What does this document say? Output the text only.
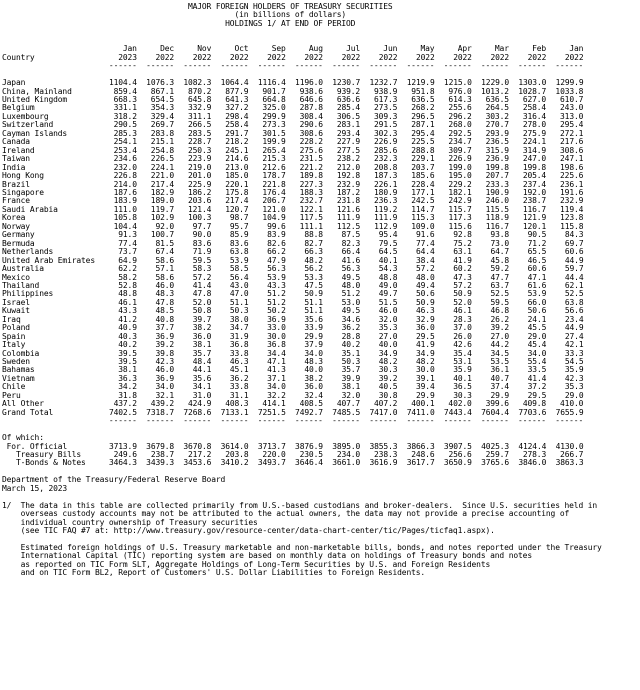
MAJOR FOREIGN HOLDERS OF TREASURY SECURITIES
(in billions of dollars)
HOLDINGS 1/ AT END OF PERIOD

Jan	Dec	Nov	Oct	Sep	Aug	Jul	Jun	May	Apr	Mar	Feb	Jan
Country	2023 2022 2022 2022 2022 2022 2022 2022 2022 2022 2022 2022 2022
------  ------  ------  ------  ------  ------  ------  ------  ------  ------  ------  ------  ------

Japan	1104.4 1076.3 1082.3 1064.4 1116.4 1196.0 1230.7 1232.7 1219.9 1215.0 1229.0 1303.0 1299.9
China, Mainland	859.4 867.1 870.2 877.9 901.7 938.6 939.2 938.9 951.8 976.0 1013.2 1028.7 1033.8
United Kingdom	668.3 654.5 645.8 641.3 664.8 646.6 636.6 617.3 636.5 614.3 636.5 627.0 610.7
Belgium	331.1 354.3 332.9 327.2 325.0 287.8 285.4 273.5 268.2 255.6 264.5 258.4 243.0
Luxembourg	318.2 329.4 311.1 298.4 299.9 308.4 306.5 309.3 296.5 296.2 303.2 316.4 313.0
Switzerland	290.5 269.7 266.5 258.4 273.3 290.6 283.1 291.5 287.1 268.0 270.7 278.0 295.4
Cayman Islands	285.3 283.8 283.5 291.7 301.5 308.6 293.4 302.3 295.4 292.5 293.9 275.9 272.1
Canada	254.1 215.1 228.7 218.2 199.9 228.2 227.9 226.9 225.5 234.7 236.5 224.1 217.6
Ireland	253.4 254.8 250.3 245.1 265.4 275.6 277.5 285.6 288.8 309.7 315.9 314.9 308.6
Taiwan	234.6 226.5 223.9 214.6 215.3 231.5 238.2 232.3 229.1 226.9 236.9 247.0 247.1
India	232.0 224.1 219.0 213.0 212.6 221.2 212.0 208.8 203.7 199.0 199.8 199.8 198.6
Hong Kong	226.8 221.0 201.0 185.0 178.7 189.8 192.8 187.3 185.6 195.0 207.7 205.4 225.6
Brazil	214.0 217.4 225.9 220.1 221.8 227.3 232.9 226.1 228.4 229.2 233.3 237.4 236.1
Singapore	187.6 182.9 186.2 175.8 176.4 188.3 187.2 180.9 177.1 182.1 190.9 192.0 191.6
France	183.9 189.0 203.6 217.4 206.7 232.7 231.8 236.3 242.5 242.9 246.0 238.7 232.9
Saudi Arabia	111.0 119.7 121.4 120.7 121.0 122.1 121.6 119.2 114.7 115.7 115.5 116.7 119.4
Korea	105.8 102.9 100.3 98.7 104.9 117.5 111.9 111.9 115.3 117.3 118.9 121.9 123.8
Norway	104.4 92.0 97.7 95.7 99.6 111.1 112.5 112.9 109.0 115.6 116.7 120.1 115.8
Germany	91.3 100.7 90.0 85.9 83.9 88.8 87.5 95.4 91.6 92.8 93.8 90.5 84.3
Bermuda	77.4 81.5 83.6 83.6 82.6 82.7 82.3 79.5 77.4 75.2 73.0 71.2 69.7
Netherlands	73.7 67.4 71.9 63.8 66.2 66.3 66.4 64.5 64.4 63.1 64.7 65.5 60.6
United Arab Emirates	64.9 58.6 59.5 53.9 47.9 48.2 41.6 40.1 38.4 41.9 45.8 46.5 44.9
Australia	62.2 57.1 58.3 58.5 56.3 56.2 56.3 54.3 57.2 60.2 59.2 60.6 59.7
Mexico	58.2 58.6 57.2 56.4 53.9 53.3 49.5 48.8 48.0 47.3 47.7 47.1 44.4
Thailand	52.8 46.0 41.4 43.0 43.3 47.5 48.0 49.0 49.4 57.2 63.7 61.6 62.1
Philippines	48.8 48.3 47.8 47.0 51.2 50.9 51.2 49.7 50.6 50.9 52.5 53.9 52.5
Israel	46.1 47.8 52.0 51.1 51.2 51.1 53.0 51.5 50.9 52.0 59.5 66.0 63.8
Kuwait	43.3 48.5 50.8 50.3 50.2 51.1 49.5 46.0 46.3 46.1 46.8 50.6 56.6
Iraq	41.2 40.8 39.7 38.0 36.9 35.6 34.6 32.0 32.9 28.3 26.2 24.1 23.4
Poland	40.9 37.7 38.2 34.7 33.0 33.9 36.2 35.3 36.0 37.0 39.2 45.5 44.9
Spain	40.3 36.9 36.0 31.9 30.0 29.9 28.8 27.0 29.5 26.0 27.0 29.0 27.4
Italy	40.2 39.2 38.1 36.8 36.8 37.9 40.2 40.0 41.9 42.6 44.2 45.4 42.1
Colombia	39.5 39.8 35.7 33.8 34.4 34.0 35.1 34.9 34.9 35.4 34.5 34.0 33.3
Sweden	39.5 42.3 48.4 46.3 47.1 48.3 50.3 48.2 48.2 53.1 53.5 55.4 54.5
Bahamas	38.1 46.0 44.1 45.1 41.3 40.0 35.7 30.3 30.0 35.9 36.1 33.5 35.9
Vietnam	36.3 36.9 35.6 36.2 37.1 38.2 39.9 39.2 39.1 40.1 40.7 41.4 42.3
Chile	34.2 34.0 34.1 33.8 34.0 36.0 38.1 40.5 39.4 36.5 37.4 37.2 35.3
Peru	31.8 32.1 31.0 31.1 32.2 32.4 32.0 30.8 29.9 30.3 29.9 29.5 29.0
All Other	437.2 439.2 424.9 408.3 414.1 408.5 407.7 407.2 400.1 402.0 399.6 409.8 410.0
Grand Total	7402.5 7318.7 7268.6 7133.1 7251.5 7492.7 7485.5 7417.0 7411.0 7443.4 7604.4 7703.6 7655.9
------  ------  ------  ------  ------  ------  ------  ------  ------  ------  ------  ------  ------

Of which:
For. Official	3713.9 3679.8 3670.8 3614.0 3713.7 3876.9 3895.0 3855.3 3866.3 3907.5 4025.3 4124.4 4130.0
Treasury Bills	249.6 238.7 217.2 203.8 220.0 230.5 234.0 238.3 248.6 256.6 259.7 278.3 266.7
T-Bonds & Notes	3464.3 3439.3 3453.6 3410.2 3493.7 3646.4 3661.0 3616.9 3617.7 3650.9 3765.6 3846.0 3863.3

Department of the Treasury/Federal Reserve Board
March 15, 2023

1/  The data in this table are collected primarily from U.S.-based custodians and broker-dealers.  Since U.S. securities held in
overseas custody accounts may not be attributed to the actual owners, the data may not provide a precise accounting of
individual country ownership of Treasury securities
(see TIC FAQ #7 at: http://www.treasury.gov/resource-center/data-chart-center/tic/Pages/ticfaq1.aspx).

Estimated foreign holdings of U.S. Treasury marketable and non-marketable bills, bonds, and notes reported under the Treasury
International Capital (TIC) reporting system are based on monthly data on holdings of Treasury bonds and notes
as reported on TIC Form SLT, Aggregate Holdings of Long-Term Securities by U.S. and Foreign Residents
and on TIC Form BL2, Report of Customers' U.S. Dollar Liabilities to Foreign Residents.
